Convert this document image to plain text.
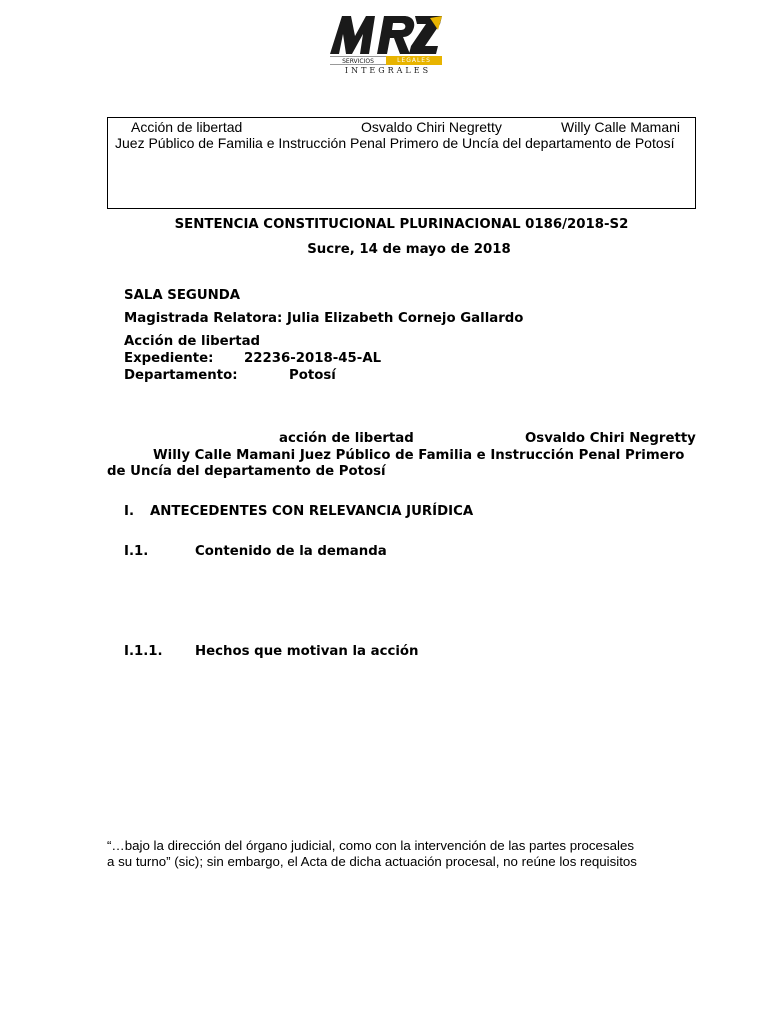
SERVICIOS	LEGALES
INTEGRALES
Acción de libertad	Osvaldo Chiri Negretty	Willy Calle Mamani
Juez Público de Familia e Instrucción Penal Primero de Uncía del departamento de Potosí
SENTENCIA CONSTITUCIONAL PLURINACIONAL 0186/2018-S2
Sucre, 14 de mayo de 2018
SALA SEGUNDA
Magistrada Relatora: Julia Elizabeth Cornejo Gallardo
Acción de libertad
Expediente: 22236-2018-45-AL
Departamento:	Potosí
acción de libertad	Osvaldo Chiri Negretty
Willy Calle Mamani Juez Público de Familia e Instrucción Penal Primero
de Uncía del departamento de Potosí
I. ANTECEDENTES CON RELEVANCIA JURÍDICA
I.1.	Contenido de la demanda
I.1.1. Hechos que motivan la acción
“…bajo la dirección del órgano judicial, como con la intervención de las partes procesales
a su turno” (sic); sin embargo, el Acta de dicha actuación procesal, no reúne los requisitos
